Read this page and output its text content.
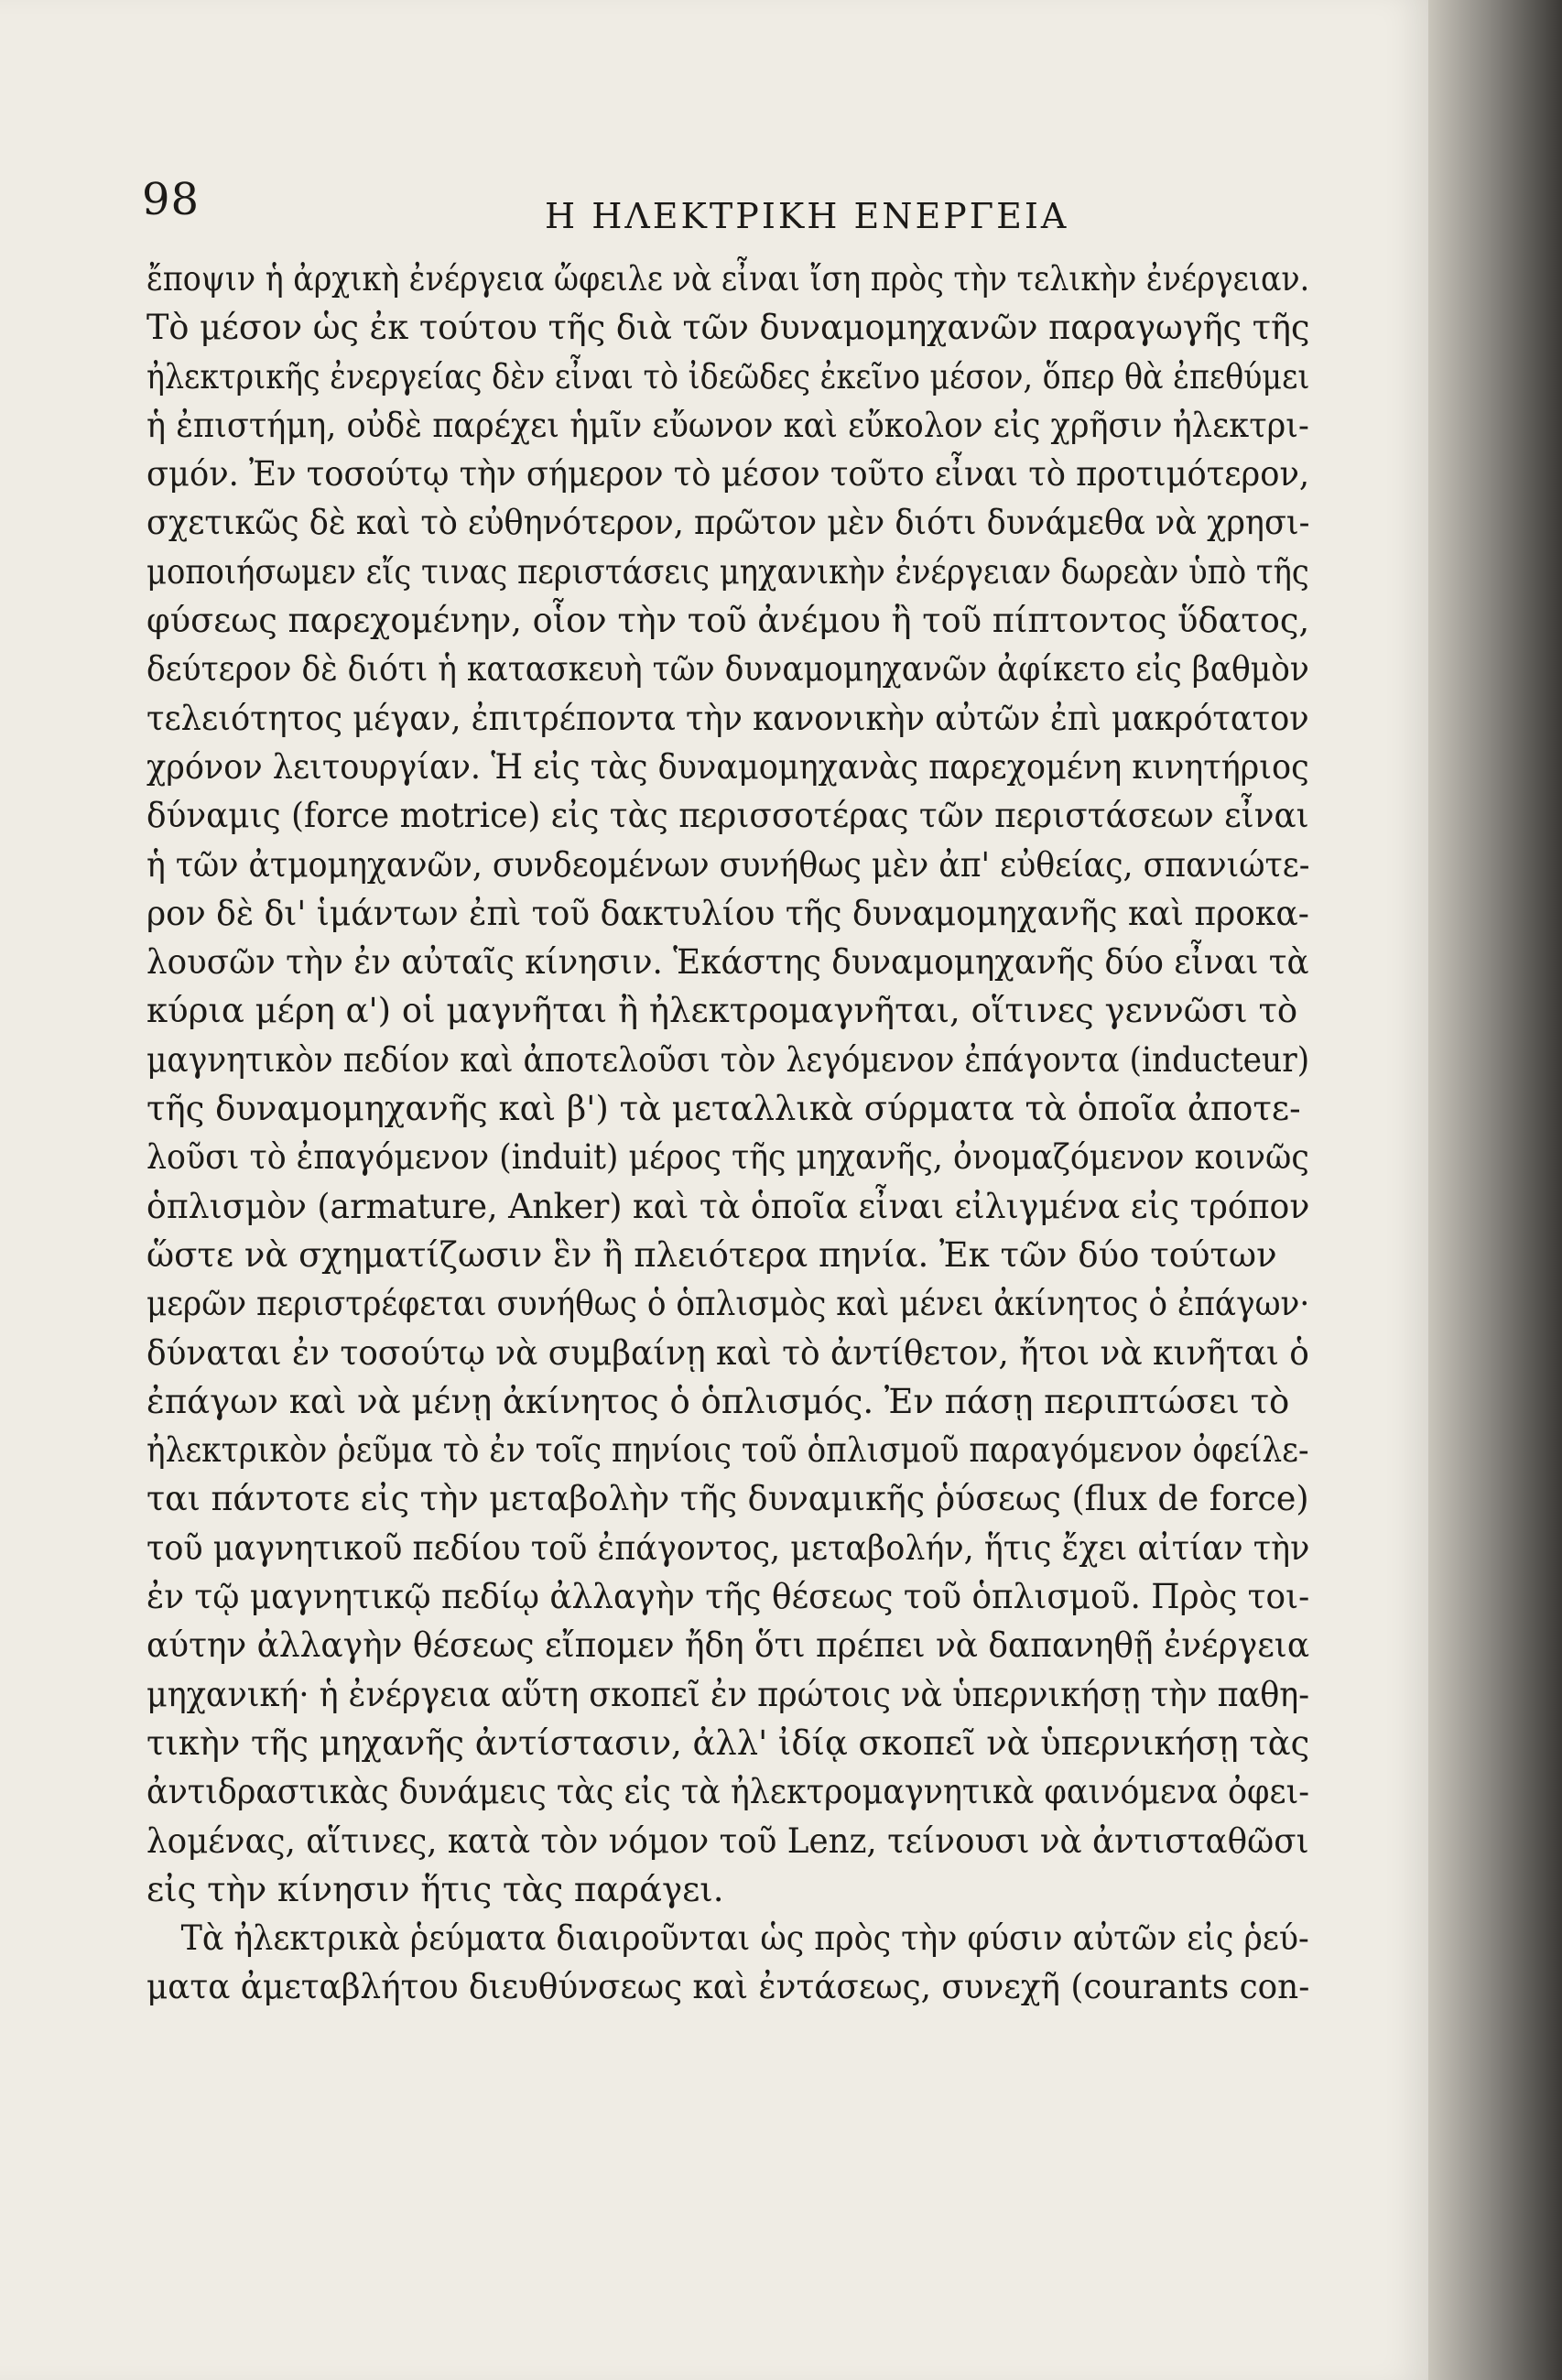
98	Η ΗΛΕΚΤΡΙΚΗ ΕΝΕΡΓΕΙΑ
ἔποψιν ἡ ἀρχικὴ ἐνέργεια ὤφειλε νὰ εἶναι ἴση πρὸς τὴν τελικὴν ἐνέργειαν.
Τὸ μέσον ὡς ἐκ τούτου τῆς διὰ τῶν δυναμομηχανῶν παραγωγῆς τῆς
ἠλεκτρικῆς ἐνεργείας δὲν εἶναι τὸ ἰδεῶδες ἐκεῖνο μέσον, ὅπερ θὰ ἐπεθύμει
ἡ ἐπιστήμη, οὐδὲ παρέχει ἡμῖν εὔωνον καὶ εὔκολον εἰς χρῆσιν ἠλεκτρι-
σμόν. Ἐν τοσούτῳ τὴν σήμερον τὸ μέσον τοῦτο εἶναι τὸ προτιμότερον,
σχετικῶς δὲ καὶ τὸ εὐθηνότερον, πρῶτον μὲν διότι δυνάμεθα νὰ χρησι-
μοποιήσωμεν εἴς τινας περιστάσεις μηχανικὴν ἐνέργειαν δωρεὰν ὑπὸ τῆς
φύσεως παρεχομένην, οἷον τὴν τοῦ ἀνέμου ἢ τοῦ πίπτοντος ὕδατος,
δεύτερον δὲ διότι ἡ κατασκευὴ τῶν δυναμομηχανῶν ἀφίκετο εἰς βαθμὸν
τελειότητος μέγαν, ἐπιτρέποντα τὴν κανονικὴν αὐτῶν ἐπὶ μακρότατον
χρόνον λειτουργίαν. Ἡ εἰς τὰς δυναμομηχανὰς παρεχομένη κινητήριος
δύναμις (force motrice) εἰς τὰς περισσοτέρας τῶν περιστάσεων εἶναι
ἡ τῶν ἀτμομηχανῶν, συνδεομένων συνήθως μὲν ἀπ' εὐθείας, σπανιώτε-
ρον δὲ δι' ἱμάντων ἐπὶ τοῦ δακτυλίου τῆς δυναμομηχανῆς καὶ προκα-
λουσῶν τὴν ἐν αὐταῖς κίνησιν. Ἑκάστης δυναμομηχανῆς δύο εἶναι τὰ
κύρια μέρη α') οἱ μαγνῆται ἢ ἠλεκτρομαγνῆται, οἵτινες γεννῶσι τὸ
μαγνητικὸν πεδίον καὶ ἀποτελοῦσι τὸν λεγόμενον ἐπάγοντα (inducteur)
τῆς δυναμομηχανῆς καὶ β') τὰ μεταλλικὰ σύρματα τὰ ὁποῖα ἀποτε-
λοῦσι τὸ ἐπαγόμενον (induit) μέρος τῆς μηχανῆς, ὀνομαζόμενον κοινῶς
ὁπλισμὸν (armature, Anker) καὶ τὰ ὁποῖα εἶναι εἰλιγμένα εἰς τρόπον
ὥστε νὰ σχηματίζωσιν ἓν ἢ πλειότερα πηνία. Ἐκ τῶν δύο τούτων
μερῶν περιστρέφεται συνήθως ὁ ὁπλισμὸς καὶ μένει ἀκίνητος ὁ ἐπάγων·
δύναται ἐν τοσούτῳ νὰ συμβαίνῃ καὶ τὸ ἀντίθετον, ἤτοι νὰ κινῆται ὁ
ἐπάγων καὶ νὰ μένῃ ἀκίνητος ὁ ὁπλισμός. Ἐν πάσῃ περιπτώσει τὸ
ἠλεκτρικὸν ῥεῦμα τὸ ἐν τοῖς πηνίοις τοῦ ὁπλισμοῦ παραγόμενον ὀφείλε-
ται πάντοτε εἰς τὴν μεταβολὴν τῆς δυναμικῆς ῥύσεως (flux de force)
τοῦ μαγνητικοῦ πεδίου τοῦ ἐπάγοντος, μεταβολήν, ἥτις ἔχει αἰτίαν τὴν
ἐν τῷ μαγνητικῷ πεδίῳ ἀλλαγὴν τῆς θέσεως τοῦ ὁπλισμοῦ. Πρὸς τοι-
αύτην ἀλλαγὴν θέσεως εἴπομεν ἤδη ὅτι πρέπει νὰ δαπανηθῇ ἐνέργεια
μηχανική· ἡ ἐνέργεια αὕτη σκοπεῖ ἐν πρώτοις νὰ ὑπερνικήσῃ τὴν παθη-
τικὴν τῆς μηχανῆς ἀντίστασιν, ἀλλ' ἰδίᾳ σκοπεῖ νὰ ὑπερνικήσῃ τὰς
ἀντιδραστικὰς δυνάμεις τὰς εἰς τὰ ἠλεκτρομαγνητικὰ φαινόμενα ὀφει-
λομένας, αἵτινες, κατὰ τὸν νόμον τοῦ Lenz, τείνουσι νὰ ἀντισταθῶσι
εἰς τὴν κίνησιν ἥτις τὰς παράγει.
Τὰ ἠλεκτρικὰ ῥεύματα διαιροῦνται ὡς πρὸς τὴν φύσιν αὐτῶν εἰς ῥεύ-
ματα ἀμεταβλήτου διευθύνσεως καὶ ἐντάσεως, συνεχῆ (courants con-
